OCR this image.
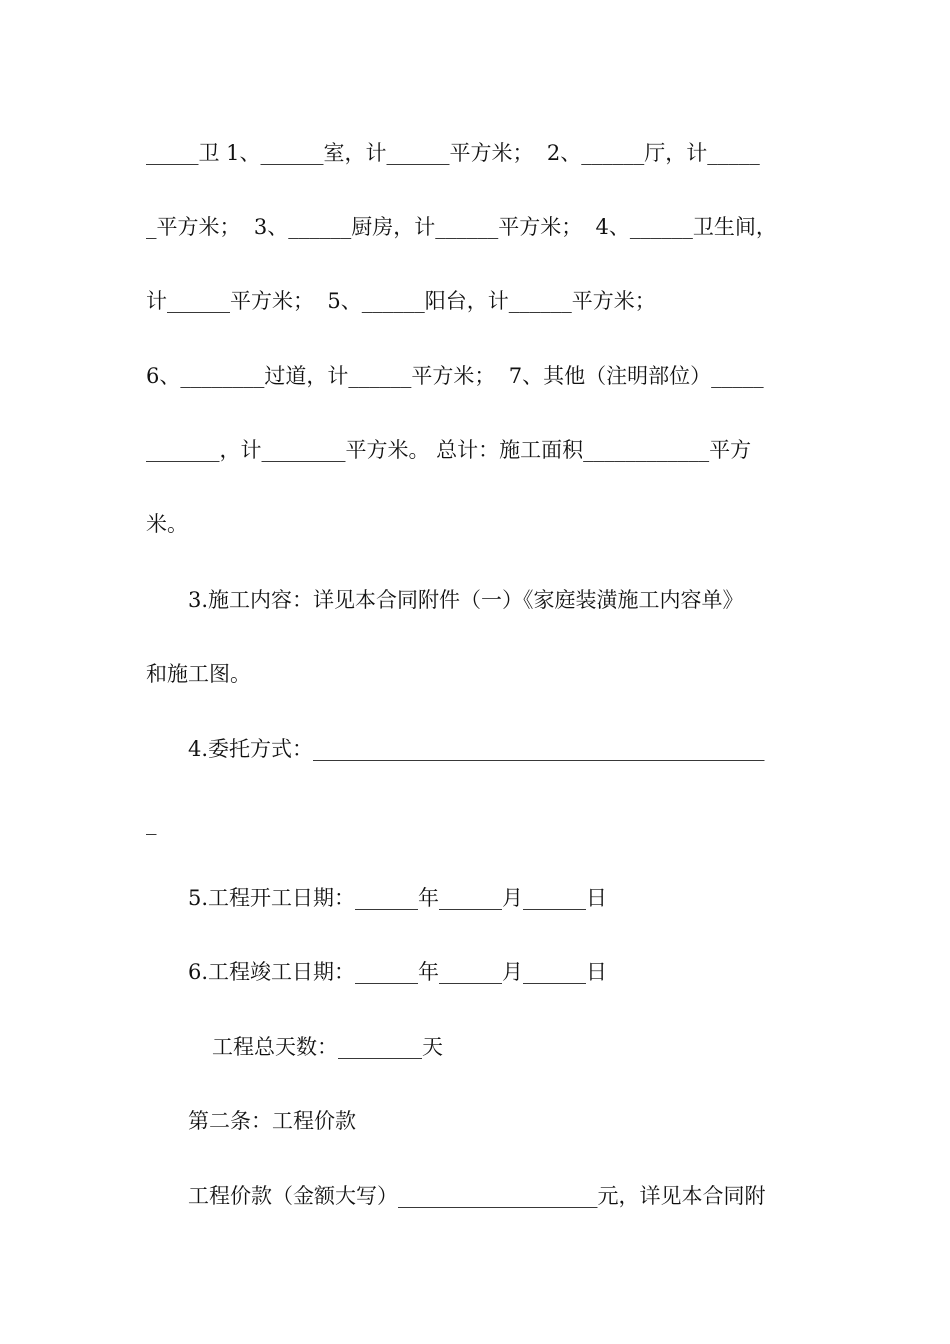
_____卫 1、______室，计______平方米；  2、______厅，计_____
_平方米；  3、______厨房，计______平方米；  4、______卫生间，
计______平方米；  5、______阳台，计______平方米；
6、________过道，计______平方米；  7、其他（注明部位）_____
_______，计________平方米。 总计：施工面积____________平方
米。
3.施工内容：详见本合同附件（一）《家庭装潢施工内容单》
和施工图。
4.委托方式：___________________________________________
_
5.工程开工日期：______年______月______日
6.工程竣工日期：______年______月______日
工程总天数：________天
第二条：工程价款
工程价款（金额大写）___________________元，详见本合同附
